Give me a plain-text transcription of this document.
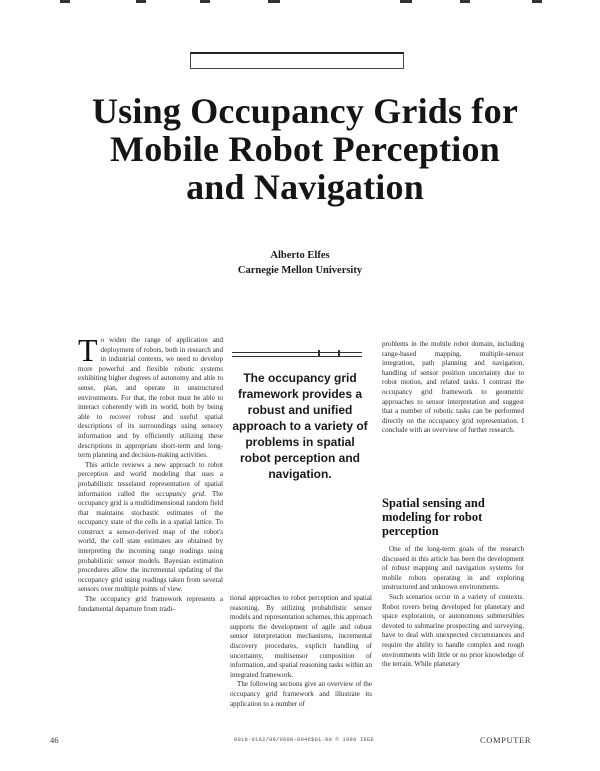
Using Occupancy Grids for
Mobile Robot Perception
and Navigation
Alberto Elfes
Carnegie Mellon University

To widen the range of application and deployment of robots, both in research and in industrial contexts, we need to develop more powerful and flexible robotic systems exhibiting higher degrees of autonomy and able to sense, plan, and operate in unstructured environments. For that, the robot must be able to interact coherently with its world, both by being able to recover robust and useful spatial descriptions of its surroundings using sensory information and by efficiently utilizing these descriptions in appropriate short-term and long-term planning and decision-making activities.

This article reviews a new approach to robot perception and world modeling that uses a probabilistic tesselated representation of spatial information called the occupancy grid. The occupancy grid is a multidimensional random field that maintains stochastic estimates of the occupancy state of the cells in a spatial lattice. To construct a sensor-derived map of the robot's world, the cell state estimates are obtained by interpreting the incoming range readings using probabilistic sensor models. Bayesian estimation procedures allow the incremental updating of the occupancy grid using readings taken from several sensors over multiple points of view.

The occupancy grid framework represents a fundamental departure from tradi-

The occupancy grid
framework provides a
robust and unified
approach to a variety of
problems in spatial
robot perception and
navigation.

tional approaches to robot perception and spatial reasoning. By utilizing probabilistic sensor models and representation schemes, this approach supports the development of agile and robust sensor interpretation mechanisms, incremental discovery procedures, explicit handling of uncertainty, multisensor composition of information, and spatial reasoning tasks within an integrated framework.

The following sections give an overview of the occupancy grid framework and illustrate its application to a number of

problems in the mobile robot domain, including range-based mapping, multiple-sensor integration, path planning and navigation, handling of sensor position uncertainty due to robot motion, and related tasks. I contrast the occupancy grid framework to geometric approaches to sensor interpretation and suggest that a number of robotic tasks can be performed directly on the occupancy grid representation. I conclude with an overview of further research.

Spatial sensing and
modeling for robot
perception

One of the long-term goals of the research discussed in this article has been the development of robust mapping and navigation systems for mobile robots operating in and exploring unstructured and unknown environments.

Such scenarios occur in a variety of contexts. Robot rovers being developed for planetary and space exploration, or autonomous submersibles devoted to submarine prospecting and surveying, have to deal with unexpected circumstances and require the ability to handle complex and rough environments with little or no prior knowledge of the terrain. While planetary

46	0018-9162/89/0600-0046$01.00 © 1989 IEEE	COMPUTER
